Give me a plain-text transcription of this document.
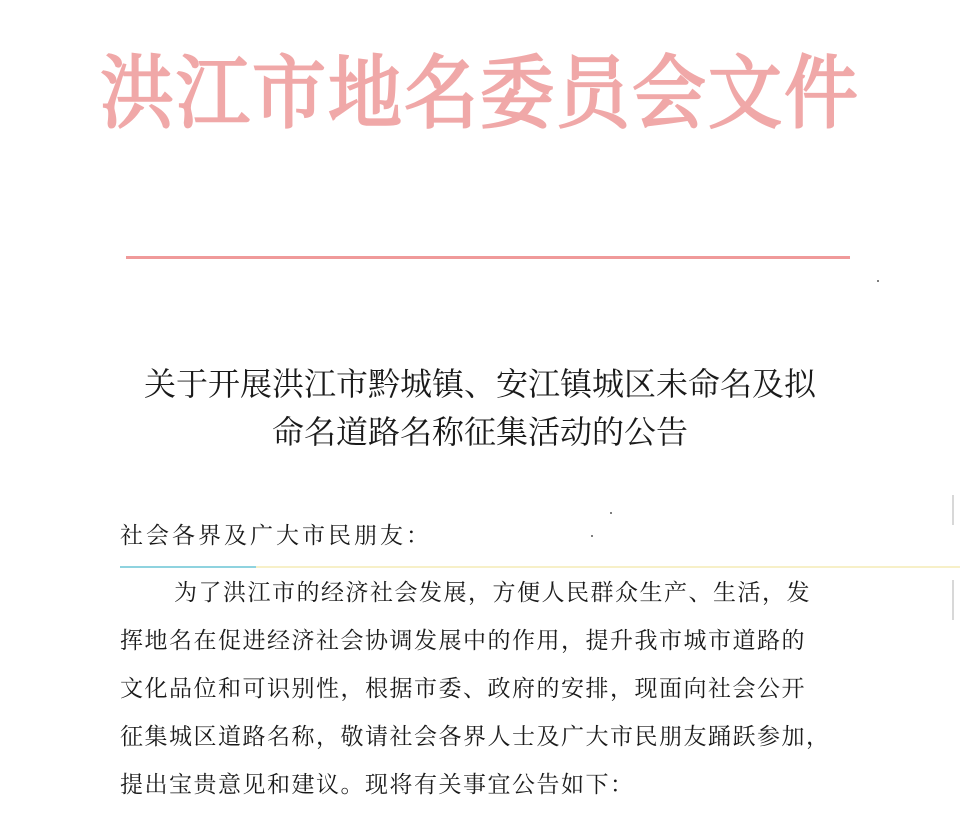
洪江市地名委员会文件
关于开展洪江市黔城镇、安江镇城区未命名及拟
命名道路名称征集活动的公告
社会各界及广大市民朋友：
为了洪江市的经济社会发展，方便人民群众生产、生活，发
挥地名在促进经济社会协调发展中的作用，提升我市城市道路的
文化品位和可识别性，根据市委、政府的安排，现面向社会公开
征集城区道路名称，敬请社会各界人士及广大市民朋友踊跃参加，
提出宝贵意见和建议。现将有关事宜公告如下：
